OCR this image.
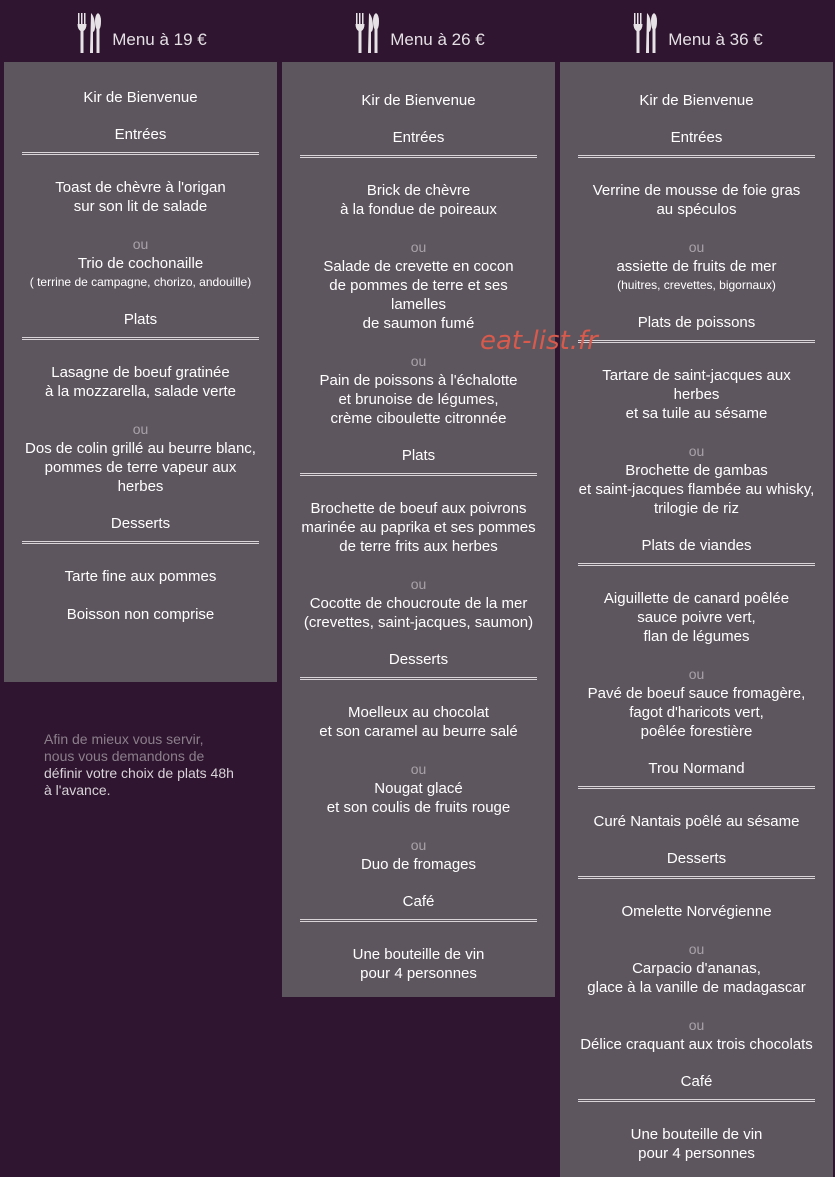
Menu à 19 €	Menu à 26 €	Menu à 36 €
Kir de Bienvenue
Entrées
Toast de chèvre à l'origan
sur son lit de salade
ou
Trio de cochonaille
( terrine de campagne, chorizo, andouille)
Plats
Lasagne de boeuf gratinée
à la mozzarella, salade verte
ou
Dos de colin grillé au beurre blanc,
pommes de terre vapeur aux herbes
Desserts
Tarte fine aux pommes
Boisson non comprise
Kir de Bienvenue
Entrées
Brick de chèvre
à la fondue de poireaux
ou
Salade de crevette en cocon
de pommes de terre et ses lamelles
de saumon fumé
ou
Pain de poissons à l'échalotte
et brunoise de légumes,
crème ciboulette citronnée
Plats
Brochette de boeuf aux poivrons
marinée au paprika et ses pommes
de terre frits aux herbes
ou
Cocotte de choucroute de la mer
(crevettes, saint-jacques, saumon)
Desserts
Moelleux au chocolat
et son caramel au beurre salé
ou
Nougat glacé
et son coulis de fruits rouge
ou
Duo de fromages
Café
Une bouteille de vin
pour 4 personnes
Kir de Bienvenue
Entrées
Verrine de mousse de foie gras
au spéculos
ou
assiette de fruits de mer
(huitres, crevettes, bigornaux)
Plats de poissons
Tartare de saint-jacques aux herbes
et sa tuile au sésame
ou
Brochette de gambas
et saint-jacques flambée au whisky,
trilogie de riz
Plats de viandes
Aiguillette de canard poêlée
sauce poivre vert,
flan de légumes
ou
Pavé de boeuf sauce fromagère,
fagot d'haricots vert,
poêlée forestière
Trou Normand
Curé Nantais poêlé au sésame
Desserts
Omelette Norvégienne
ou
Carpacio d'ananas,
glace à la vanille de madagascar
ou
Délice craquant aux trois chocolats
Café
Une bouteille de vin
pour 4 personnes
Afin de mieux vous servir,
nous vous demandons de
définir votre choix de plats 48h
à l'avance.
eat-list.fr
